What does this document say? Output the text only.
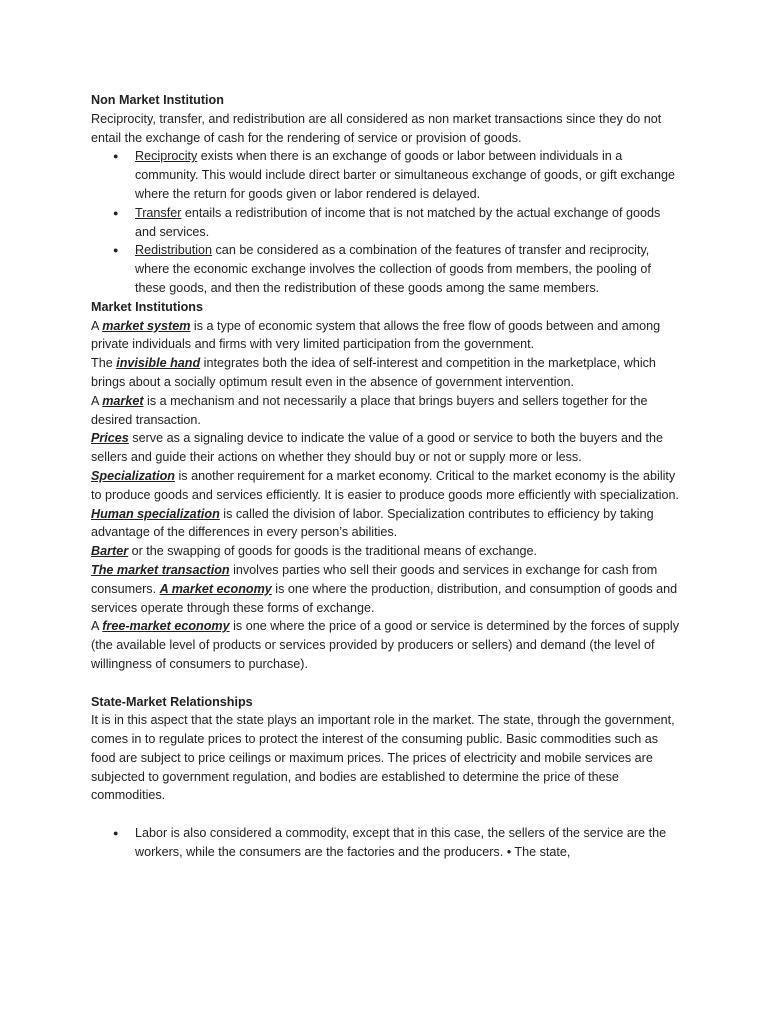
Non Market Institution

Reciprocity, transfer, and redistribution are all considered as non market transactions since they do not entail the exchange of cash for the rendering of service or provision of goods.

● Reciprocity exists when there is an exchange of goods or labor between individuals in a community. This would include direct barter or simultaneous exchange of goods, or gift exchange where the return for goods given or labor rendered is delayed.
● Transfer entails a redistribution of income that is not matched by the actual exchange of goods and services.
● Redistribution can be considered as a combination of the features of transfer and reciprocity, where the economic exchange involves the collection of goods from members, the pooling of these goods, and then the redistribution of these goods among the same members.

Market Institutions

A market system is a type of economic system that allows the free flow of goods between and among private individuals and firms with very limited participation from the government.

The invisible hand integrates both the idea of self-interest and competition in the marketplace, which brings about a socially optimum result even in the absence of government intervention.

A market is a mechanism and not necessarily a place that brings buyers and sellers together for the desired transaction.

Prices serve as a signaling device to indicate the value of a good or service to both the buyers and the sellers and guide their actions on whether they should buy or not or supply more or less.

Specialization is another requirement for a market economy. Critical to the market economy is the ability to produce goods and services efficiently. It is easier to produce goods more efficiently with specialization.

Human specialization is called the division of labor. Specialization contributes to efficiency by taking advantage of the differences in every person’s abilities.

Barter or the swapping of goods for goods is the traditional means of exchange.

The market transaction involves parties who sell their goods and services in exchange for cash from consumers. A market economy is one where the production, distribution, and consumption of goods and services operate through these forms of exchange.

A free-market economy is one where the price of a good or service is determined by the forces of supply (the available level of products or services provided by producers or sellers) and demand (the level of willingness of consumers to purchase).

State-Market Relationships

It is in this aspect that the state plays an important role in the market. The state, through the government, comes in to regulate prices to protect the interest of the consuming public. Basic commodities such as food are subject to price ceilings or maximum prices. The prices of electricity and mobile services are subjected to government regulation, and bodies are established to determine the price of these commodities.

● Labor is also considered a commodity, except that in this case, the sellers of the service are the workers, while the consumers are the factories and the producers. • The state,
